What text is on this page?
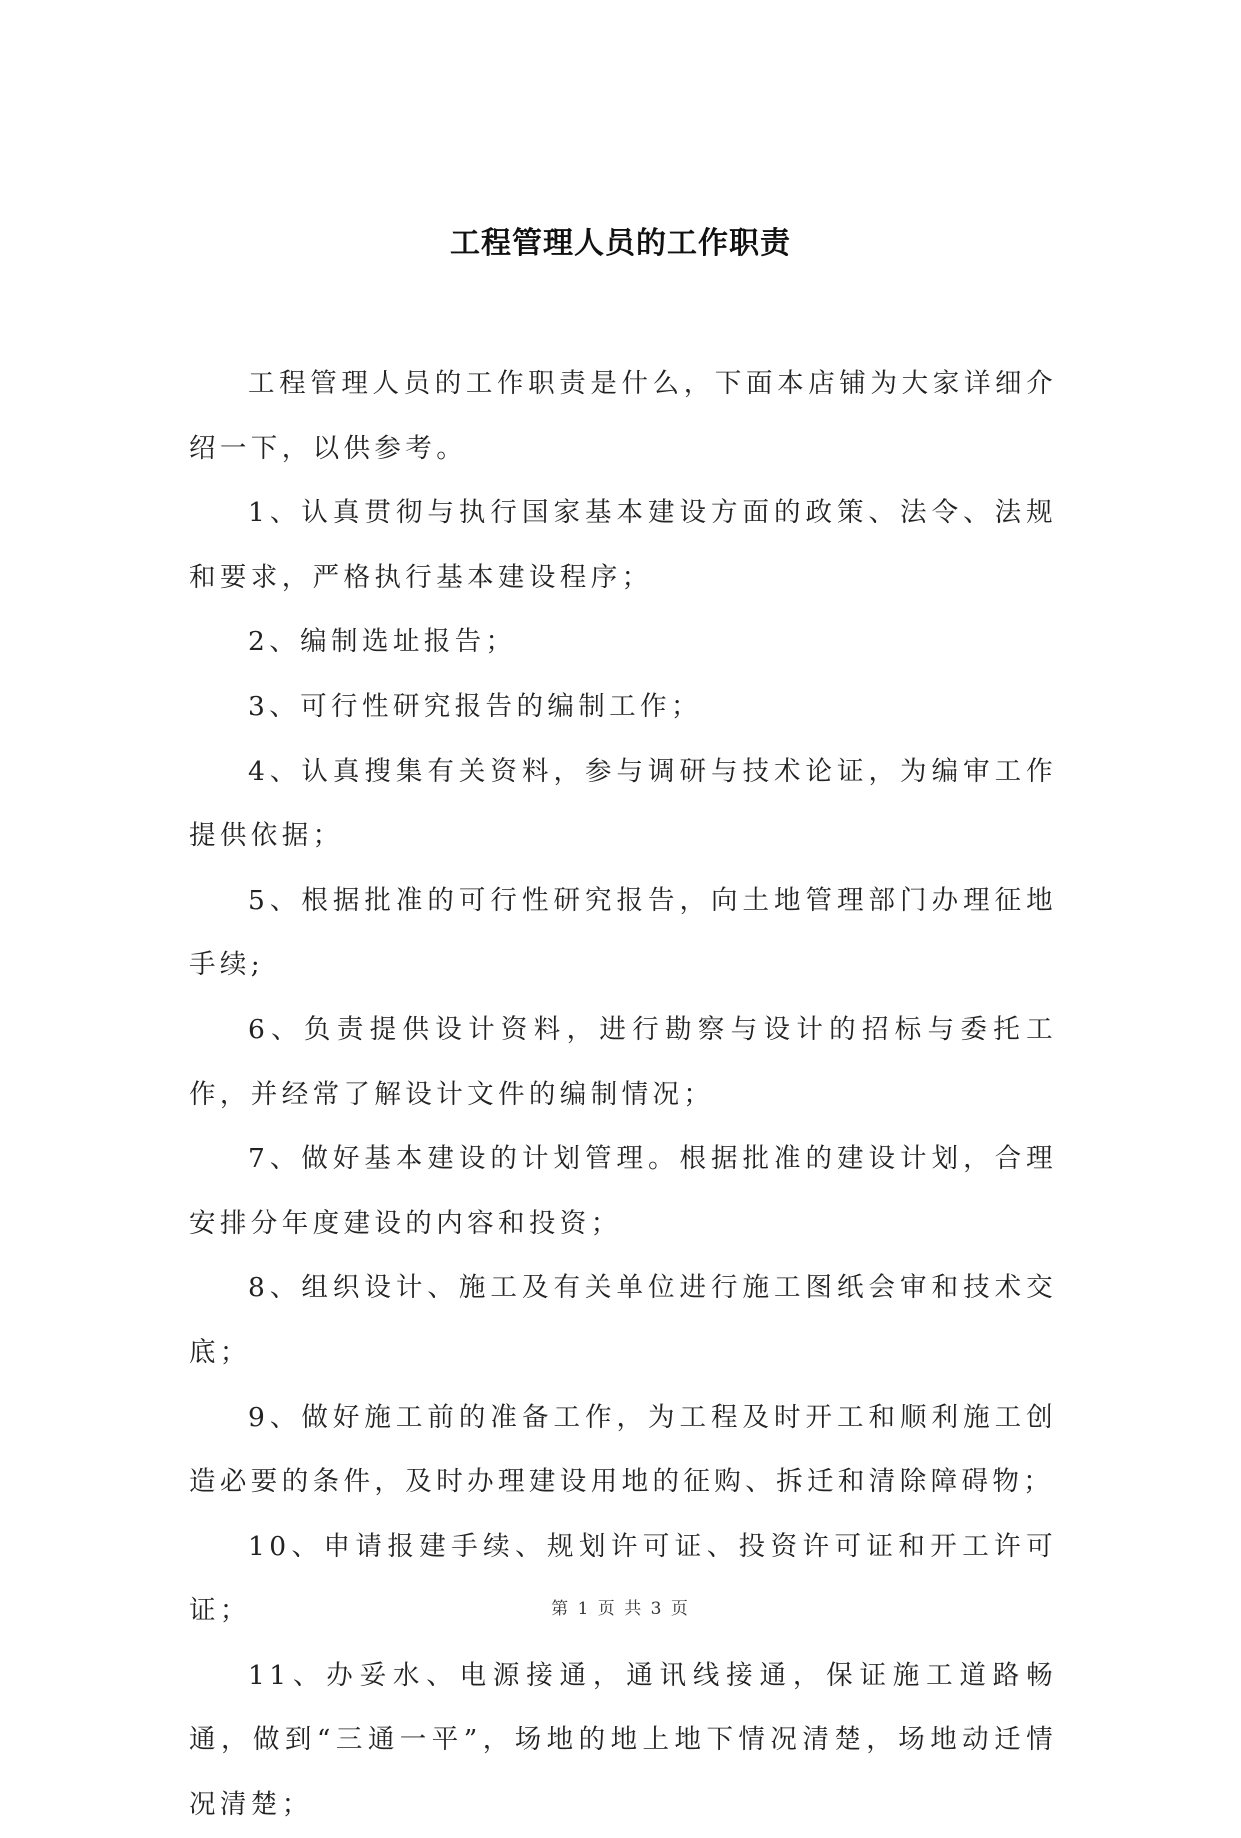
工程管理人员的工作职责

工程管理人员的工作职责是什么，下面本店铺为大家详细介绍一下，以供参考。

1、认真贯彻与执行国家基本建设方面的政策、法令、法规和要求，严格执行基本建设程序；

2、编制选址报告；

3、可行性研究报告的编制工作；

4、认真搜集有关资料，参与调研与技术论证，为编审工作提供依据；

5、根据批准的可行性研究报告，向土地管理部门办理征地手续;

6、负责提供设计资料，进行勘察与设计的招标与委托工作，并经常了解设计文件的编制情况；

7、做好基本建设的计划管理。根据批准的建设计划，合理安排分年度建设的内容和投资；

8、组织设计、施工及有关单位进行施工图纸会审和技术交底；

9、做好施工前的准备工作，为工程及时开工和顺利施工创造必要的条件，及时办理建设用地的征购、拆迁和清除障碍物；

10、申请报建手续、规划许可证、投资许可证和开工许可证；

11、办妥水、电源接通，通讯线接通，保证施工道路畅通，做到“三通一平”，场地的地上地下情况清楚，场地动迁情况清楚；

第 1 页 共 3 页
